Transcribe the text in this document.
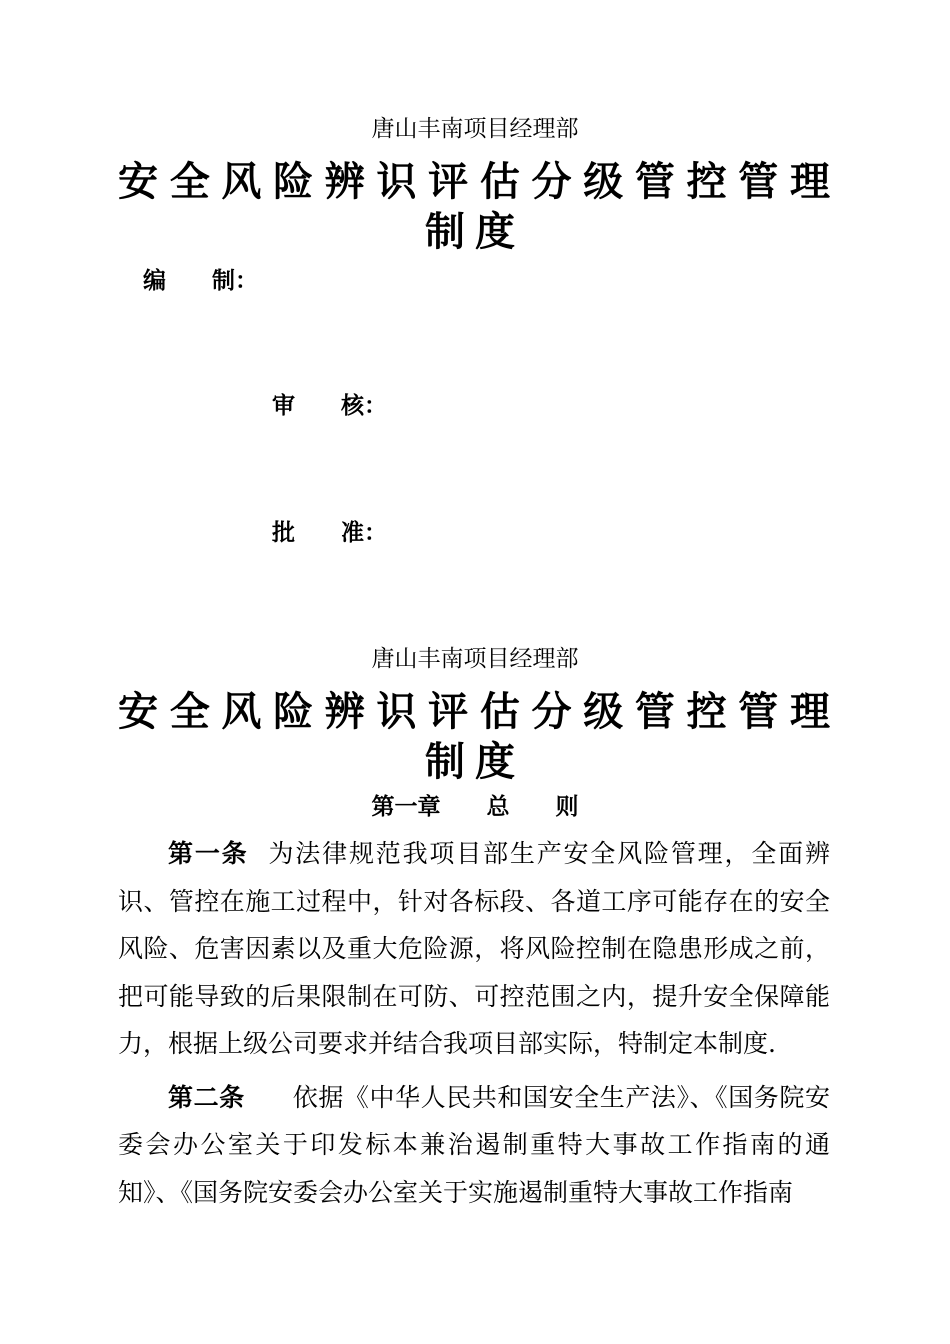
唐山丰南项目经理部
安全风险辨识评估分级管控管理
制度
编　　制：
审　　核：
批　　准：
唐山丰南项目经理部
安全风险辨识评估分级管控管理
制度
第一章　　总　　则

第一条 为法律规范我项目部生产安全风险管理，全面辨识、管控在施工过程中，针对各标段、各道工序可能存在的安全风险、危害因素以及重大危险源，将风险控制在隐患形成之前，把可能导致的后果限制在可防、可控范围之内，提升安全保障能力，根据上级公司要求并结合我项目部实际，特制定本制度.

第二条 依据《中华人民共和国安全生产法》、《国务院安委会办公室关于印发标本兼治遏制重特大事故工作指南的通知》、《国务院安委会办公室关于实施遏制重特大事故工作指南
